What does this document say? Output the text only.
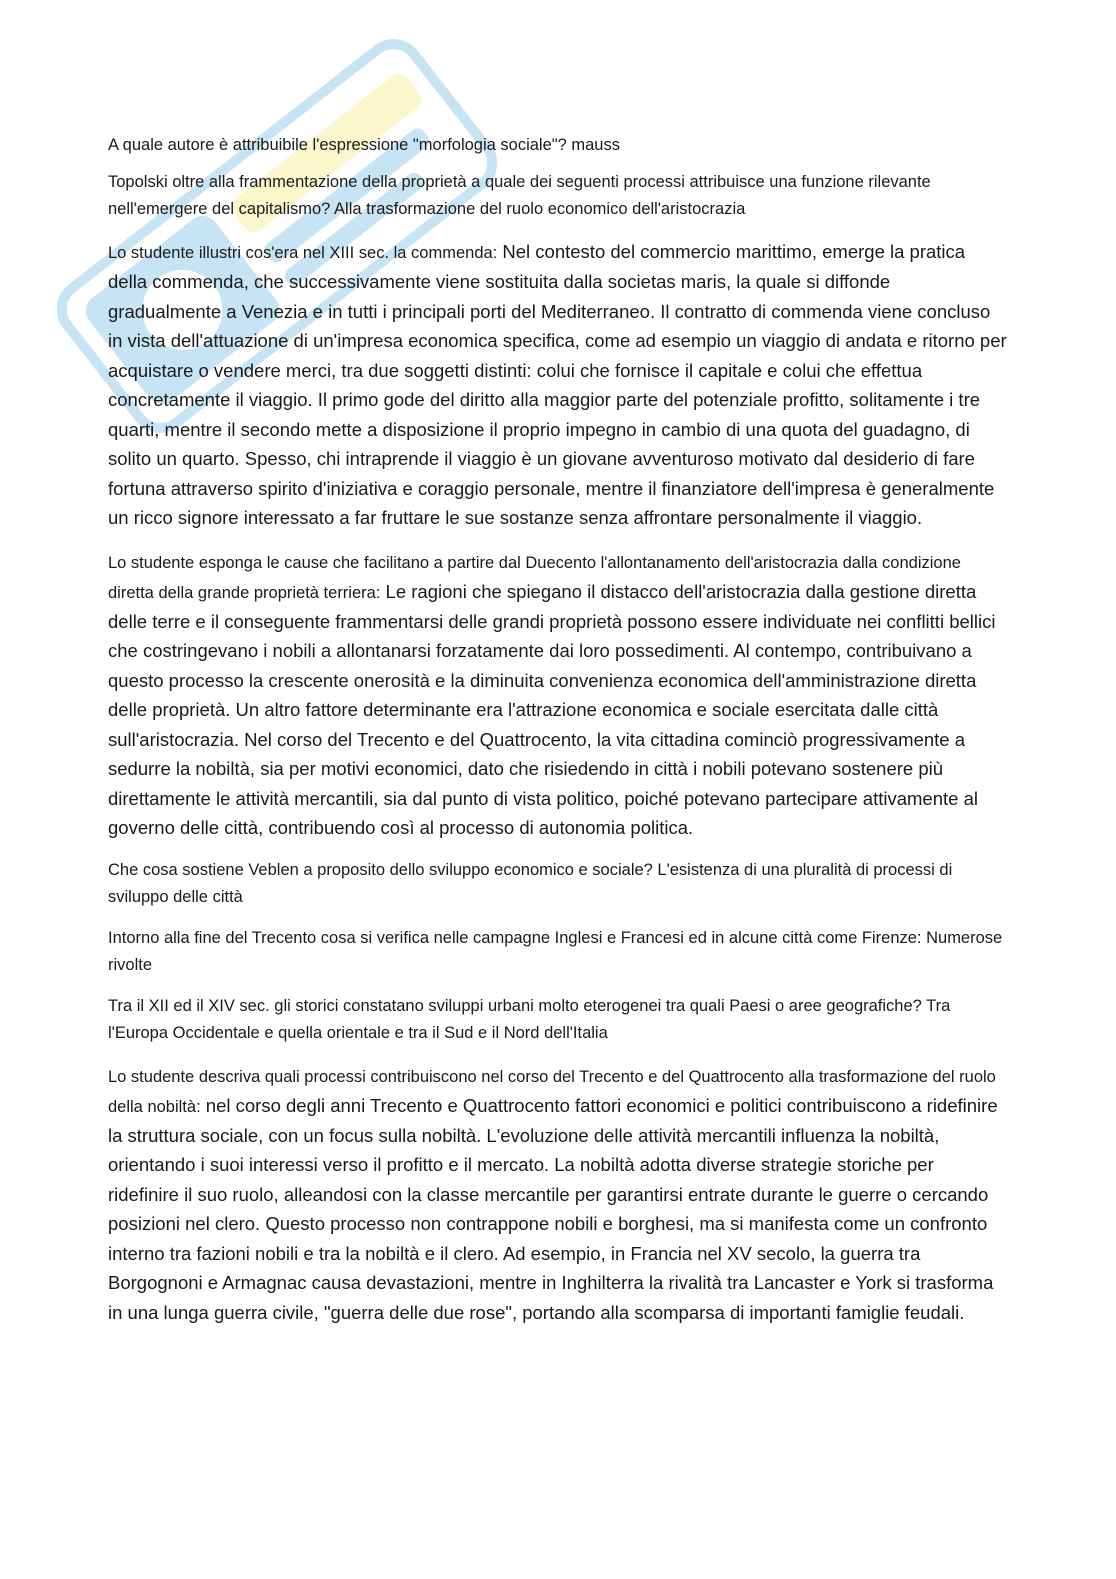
A quale autore è attribuibile l'espressione "morfologia sociale"? mauss

Topolski oltre alla frammentazione della proprietà a quale dei seguenti processi attribuisce una funzione rilevante nell'emergere del capitalismo? Alla trasformazione del ruolo economico dell'aristocrazia

Lo studente illustri cos'era nel XIII sec. la commenda: Nel contesto del commercio marittimo, emerge la pratica della commenda, che successivamente viene sostituita dalla societas maris, la quale si diffonde gradualmente a Venezia e in tutti i principali porti del Mediterraneo. Il contratto di commenda viene concluso in vista dell'attuazione di un'impresa economica specifica, come ad esempio un viaggio di andata e ritorno per acquistare o vendere merci, tra due soggetti distinti: colui che fornisce il capitale e colui che effettua concretamente il viaggio. Il primo gode del diritto alla maggior parte del potenziale profitto, solitamente i tre quarti, mentre il secondo mette a disposizione il proprio impegno in cambio di una quota del guadagno, di solito un quarto. Spesso, chi intraprende il viaggio è un giovane avventuroso motivato dal desiderio di fare fortuna attraverso spirito d'iniziativa e coraggio personale, mentre il finanziatore dell'impresa è generalmente un ricco signore interessato a far fruttare le sue sostanze senza affrontare personalmente il viaggio.

Lo studente esponga le cause che facilitano a partire dal Duecento l'allontanamento dell'aristocrazia dalla condizione diretta della grande proprietà terriera: Le ragioni che spiegano il distacco dell'aristocrazia dalla gestione diretta delle terre e il conseguente frammentarsi delle grandi proprietà possono essere individuate nei conflitti bellici che costringevano i nobili a allontanarsi forzatamente dai loro possedimenti. Al contempo, contribuivano a questo processo la crescente onerosità e la diminuita convenienza economica dell'amministrazione diretta delle proprietà. Un altro fattore determinante era l'attrazione economica e sociale esercitata dalle città sull'aristocrazia. Nel corso del Trecento e del Quattrocento, la vita cittadina cominciò progressivamente a sedurre la nobiltà, sia per motivi economici, dato che risiedendo in città i nobili potevano sostenere più direttamente le attività mercantili, sia dal punto di vista politico, poiché potevano partecipare attivamente al governo delle città, contribuendo così al processo di autonomia politica.

Che cosa sostiene Veblen a proposito dello sviluppo economico e sociale? L'esistenza di una pluralità di processi di sviluppo delle città

Intorno alla fine del Trecento cosa si verifica nelle campagne Inglesi e Francesi ed in alcune città come Firenze: Numerose rivolte

Tra il XII ed il XIV sec. gli storici constatano sviluppi urbani molto eterogenei tra quali Paesi o aree geografiche? Tra l'Europa Occidentale e quella orientale e tra il Sud e il Nord dell'Italia

Lo studente descriva quali processi contribuiscono nel corso del Trecento e del Quattrocento alla trasformazione del ruolo della nobiltà: nel corso degli anni Trecento e Quattrocento fattori economici e politici contribuiscono a ridefinire la struttura sociale, con un focus sulla nobiltà. L'evoluzione delle attività mercantili influenza la nobiltà, orientando i suoi interessi verso il profitto e il mercato. La nobiltà adotta diverse strategie storiche per ridefinire il suo ruolo, alleandosi con la classe mercantile per garantirsi entrate durante le guerre o cercando posizioni nel clero. Questo processo non contrappone nobili e borghesi, ma si manifesta come un confronto interno tra fazioni nobili e tra la nobiltà e il clero. Ad esempio, in Francia nel XV secolo, la guerra tra Borgognoni e Armagnac causa devastazioni, mentre in Inghilterra la rivalità tra Lancaster e York si trasforma in una lunga guerra civile, "guerra delle due rose", portando alla scomparsa di importanti famiglie feudali.
